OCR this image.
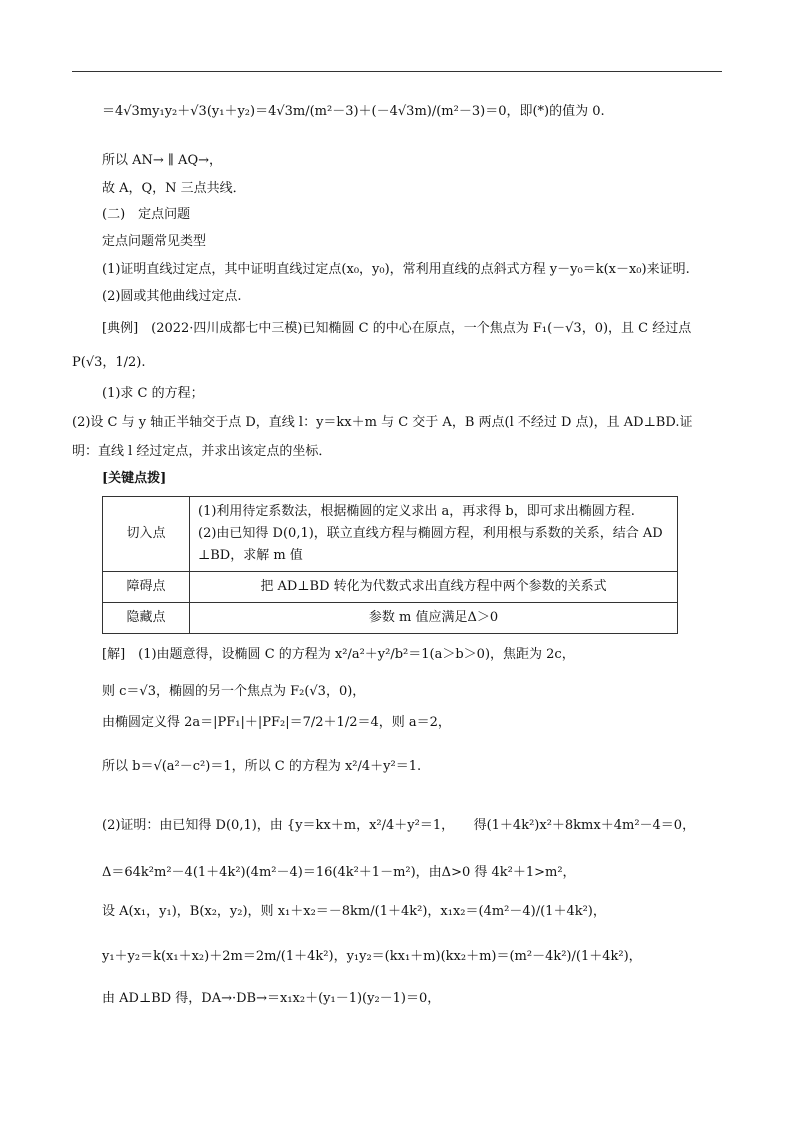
＝4√3my₁y₂＋√3(y₁＋y₂)＝4√3m/(m²－3)＋(－4√3m)/(m²－3)＝0，即(*)的值为 0.
所以 AN→ ∥ AQ→，
故 A，Q，N 三点共线．
(二)　定点问题
定点问题常见类型
(1)证明直线过定点，其中证明直线过定点(x₀，y₀)，常利用直线的点斜式方程 y－y₀＝k(x－x₀)来证明.
(2)圆或其他曲线过定点.
[典例]　(2022·四川成都七中三模)已知椭圆 C 的中心在原点，一个焦点为 F₁(－√3，0)，且 C 经过点
P(√3，1/2).
(1)求 C 的方程；
(2)设 C 与 y 轴正半轴交于点 D，直线 l：y＝kx＋m 与 C 交于 A，B 两点(l 不经过 D 点)，且 AD⊥BD.证
明：直线 l 经过定点，并求出该定点的坐标．
[关键点拨]
切入点	(1)利用待定系数法，根据椭圆的定义求出 a，再求得 b，即可求出椭圆方程.
(2)由已知得 D(0,1)，联立直线方程与椭圆方程，利用根与系数的关系，结合 AD
⊥BD，求解 m 值

障碍点	把 AD⊥BD 转化为代数式求出直线方程中两个参数的关系式
隐藏点	参数 m 值应满足Δ＞0
[解]　(1)由题意得，设椭圆 C 的方程为 x²/a²＋y²/b²＝1(a＞b＞0)，焦距为 2c，
则 c＝√3，椭圆的另一个焦点为 F₂(√3，0)，
由椭圆定义得 2a＝|PF₁|＋|PF₂|＝7/2＋1/2＝4，则 a＝2，
所以 b＝√(a²－c²)＝1，所以 C 的方程为 x²/4＋y²＝1.
(2)证明：由已知得 D(0,1)，由 {y＝kx＋m，x²/4＋y²＝1，　　得(1＋4k²)x²＋8kmx＋4m²－4＝0，
Δ＝64k²m²－4(1＋4k²)(4m²－4)＝16(4k²＋1－m²)，由Δ>0 得 4k²＋1>m²，
设 A(x₁，y₁)，B(x₂，y₂)，则 x₁＋x₂＝－8km/(1＋4k²)，x₁x₂＝(4m²－4)/(1＋4k²)，
y₁＋y₂＝k(x₁＋x₂)＋2m＝2m/(1＋4k²)，y₁y₂＝(kx₁＋m)(kx₂＋m)＝(m²－4k²)/(1＋4k²)，
由 AD⊥BD 得，DA→·DB→＝x₁x₂＋(y₁－1)(y₂－1)＝0，
